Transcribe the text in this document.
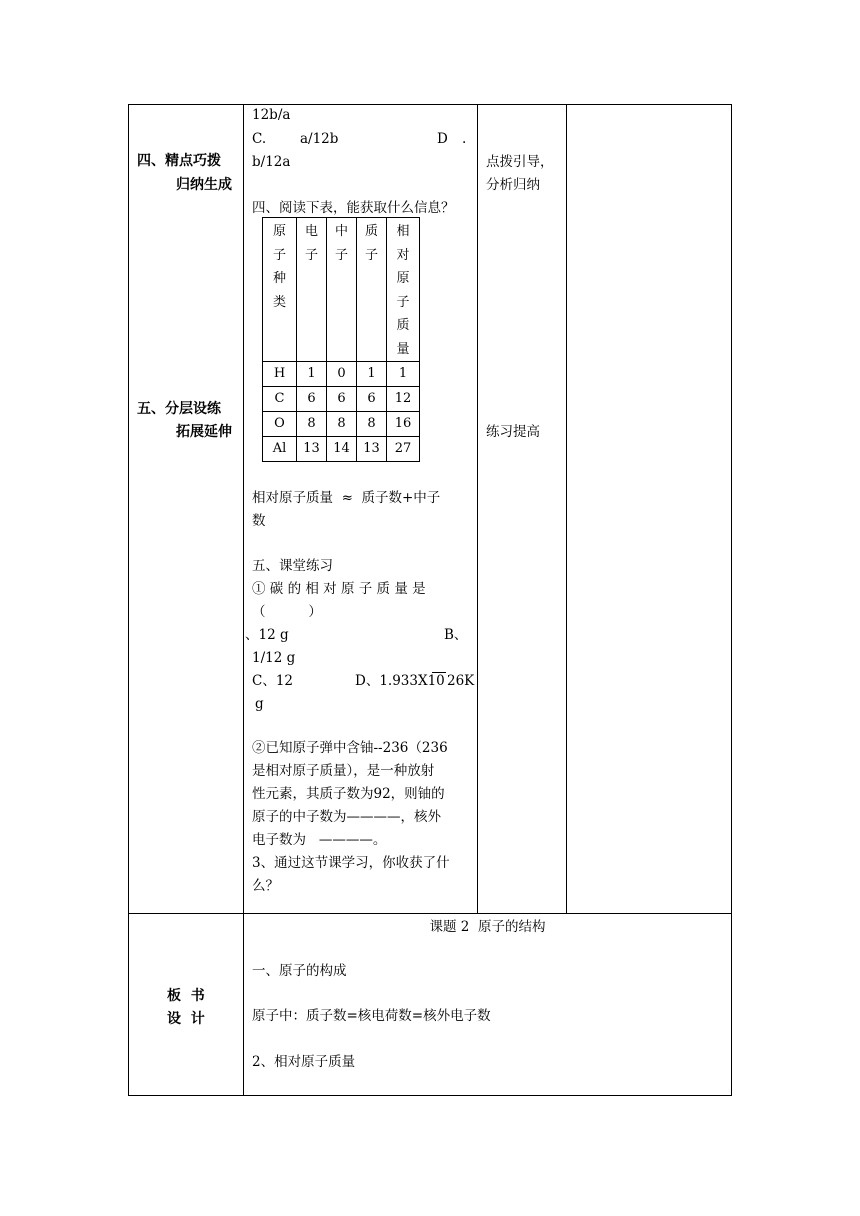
四、精点巧拨
归纳生成
五、分层设练
拓展延伸
板  书
设  计
12b/a
C.	a/12b	D .
b/12a
四、阅读下表，能获取什么信息？
原子种类	电子	中子	质子	相对原子质量

H	1	0	1	1
C	6	6	6	12
O	8	8	8	16
Al	13	14	13	27
相对原子质量  ≈  质子数+中子
数
五、课堂练习
① 碳 的 相 对 原 子 质 量 是
（          ）
、12 g	B、
1/12 g
C、12	D、1.933X10 26K
g
②已知原子弹中含铀--236（236
是相对原子质量），是一种放射
性元素，其质子数为92，则铀的
原子的中子数为————，核外
电子数为   ————。
3、通过这节课学习，你收获了什
么？
点拨引导，
分析归纳
练习提高
课题 2  原子的结构
一、原子的构成
原子中：质子数=核电荷数=核外电子数
2、相对原子质量
